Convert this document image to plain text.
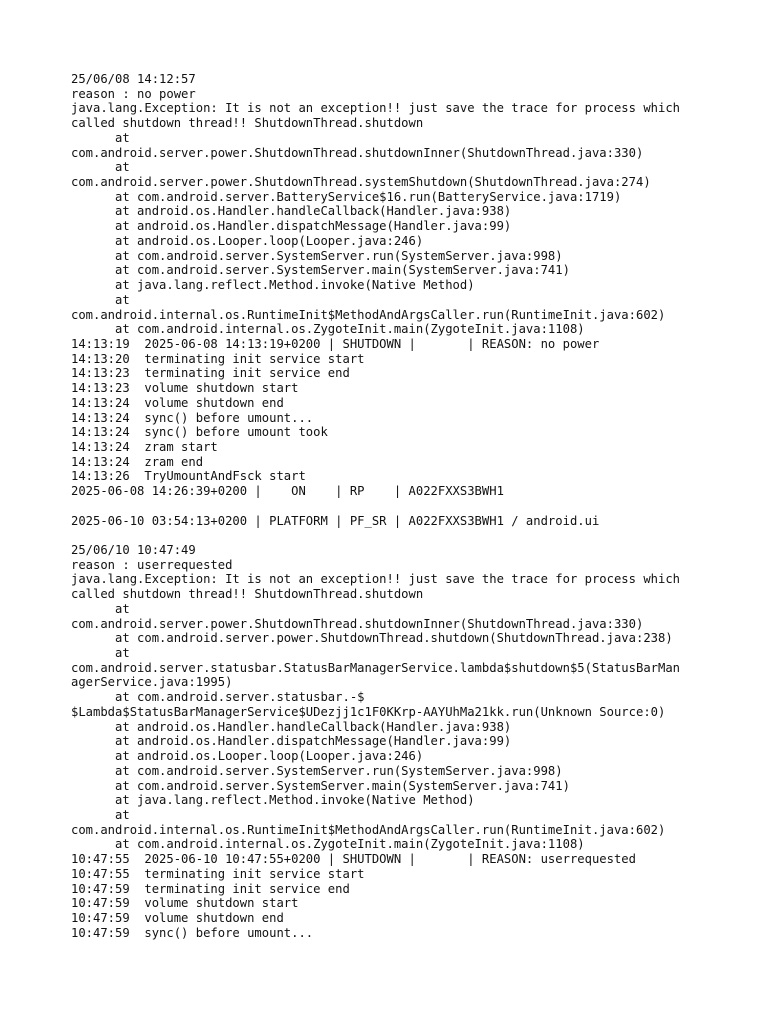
25/06/08 14:12:57
reason : no power
java.lang.Exception: It is not an exception!! just save the trace for process which
called shutdown thread!! ShutdownThread.shutdown
at
com.android.server.power.ShutdownThread.shutdownInner(ShutdownThread.java:330)
at
com.android.server.power.ShutdownThread.systemShutdown(ShutdownThread.java:274)
at com.android.server.BatteryService$16.run(BatteryService.java:1719)
at android.os.Handler.handleCallback(Handler.java:938)
at android.os.Handler.dispatchMessage(Handler.java:99)
at android.os.Looper.loop(Looper.java:246)
at com.android.server.SystemServer.run(SystemServer.java:998)
at com.android.server.SystemServer.main(SystemServer.java:741)
at java.lang.reflect.Method.invoke(Native Method)
at
com.android.internal.os.RuntimeInit$MethodAndArgsCaller.run(RuntimeInit.java:602)
at com.android.internal.os.ZygoteInit.main(ZygoteInit.java:1108)
14:13:19  2025-06-08 14:13:19+0200 | SHUTDOWN |       | REASON: no power
14:13:20  terminating init service start
14:13:23  terminating init service end
14:13:23  volume shutdown start
14:13:24  volume shutdown end
14:13:24  sync() before umount...
14:13:24  sync() before umount took
14:13:24  zram start
14:13:24  zram end
14:13:26  TryUmountAndFsck start
2025-06-08 14:26:39+0200 |    ON    | RP    | A022FXXS3BWH1
2025-06-10 03:54:13+0200 | PLATFORM | PF_SR | A022FXXS3BWH1 / android.ui
25/06/10 10:47:49
reason : userrequested
java.lang.Exception: It is not an exception!! just save the trace for process which
called shutdown thread!! ShutdownThread.shutdown
at
com.android.server.power.ShutdownThread.shutdownInner(ShutdownThread.java:330)
at com.android.server.power.ShutdownThread.shutdown(ShutdownThread.java:238)
at
com.android.server.statusbar.StatusBarManagerService.lambda$shutdown$5(StatusBarMan
agerService.java:1995)
at com.android.server.statusbar.-$
$Lambda$StatusBarManagerService$UDezjj1c1F0KKrp-AAYUhMa21kk.run(Unknown Source:0)
at android.os.Handler.handleCallback(Handler.java:938)
at android.os.Handler.dispatchMessage(Handler.java:99)
at android.os.Looper.loop(Looper.java:246)
at com.android.server.SystemServer.run(SystemServer.java:998)
at com.android.server.SystemServer.main(SystemServer.java:741)
at java.lang.reflect.Method.invoke(Native Method)
at
com.android.internal.os.RuntimeInit$MethodAndArgsCaller.run(RuntimeInit.java:602)
at com.android.internal.os.ZygoteInit.main(ZygoteInit.java:1108)
10:47:55  2025-06-10 10:47:55+0200 | SHUTDOWN |       | REASON: userrequested
10:47:55  terminating init service start
10:47:59  terminating init service end
10:47:59  volume shutdown start
10:47:59  volume shutdown end
10:47:59  sync() before umount...
